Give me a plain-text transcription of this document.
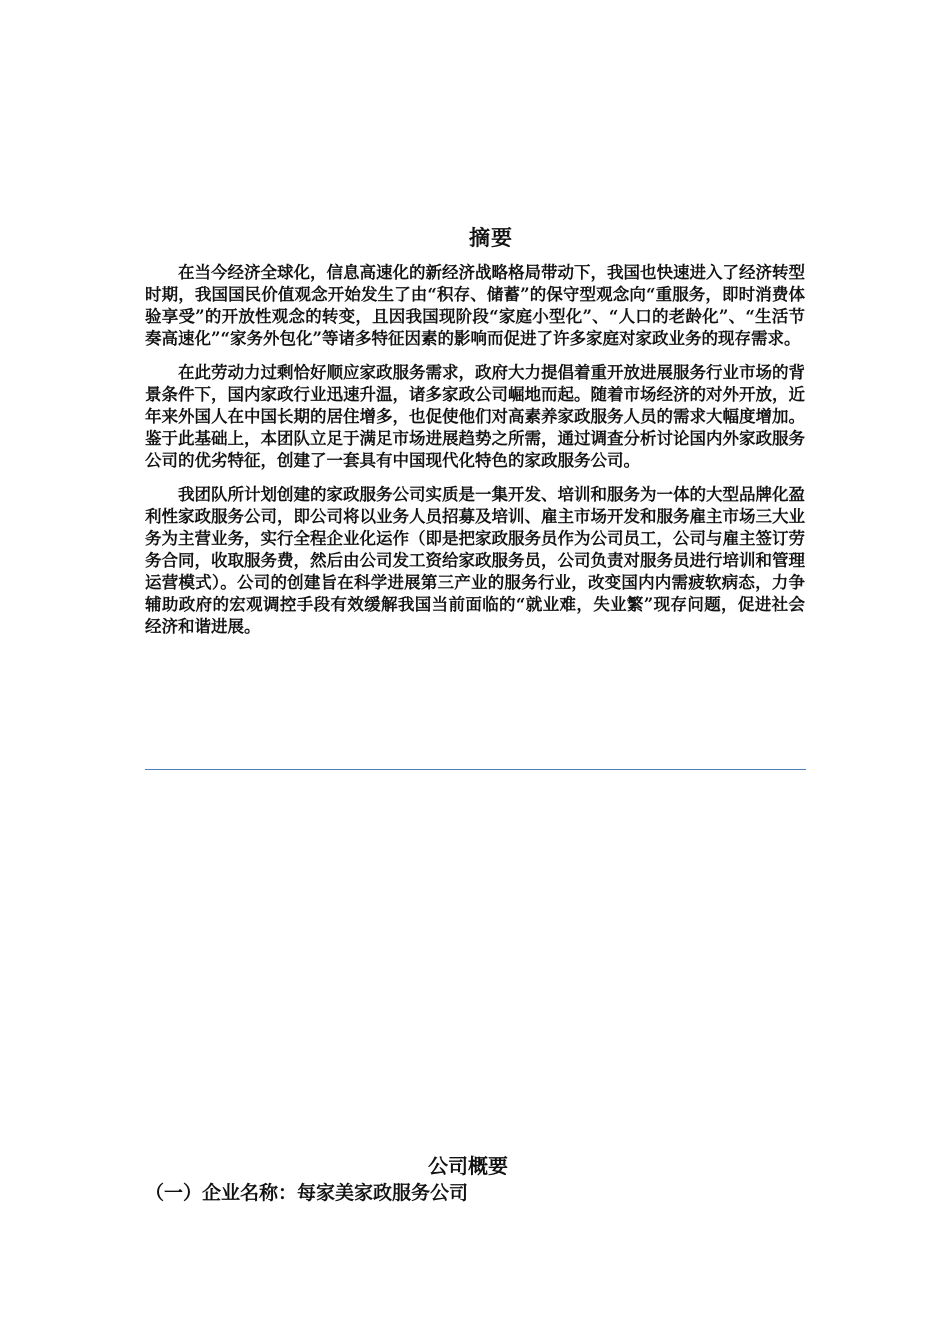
摘要

在当今经济全球化，信息高速化的新经济战略格局带动下，我国也快速进入了经济转型时期，我国国民价值观念开始发生了由“积存、储蓄”的保守型观念向“重服务，即时消费体验享受”的开放性观念的转变，且因我国现阶段“家庭小型化”、“人口的老龄化”、“生活节奏高速化”“家务外包化”等诸多特征因素的影响而促进了许多家庭对家政业务的现存需求。

在此劳动力过剩恰好顺应家政服务需求，政府大力提倡着重开放进展服务行业市场的背景条件下，国内家政行业迅速升温，诸多家政公司崛地而起。随着市场经济的对外开放，近年来外国人在中国长期的居住增多，也促使他们对高素养家政服务人员的需求大幅度增加。鉴于此基础上，本团队立足于满足市场进展趋势之所需，通过调查分析讨论国内外家政服务公司的优劣特征，创建了一套具有中国现代化特色的家政服务公司。

我团队所计划创建的家政服务公司实质是一集开发、培训和服务为一体的大型品牌化盈利性家政服务公司，即公司将以业务人员招募及培训、雇主市场开发和服务雇主市场三大业务为主营业务，实行全程企业化运作（即是把家政服务员作为公司员工，公司与雇主签订劳务合同，收取服务费，然后由公司发工资给家政服务员，公司负责对服务员进行培训和管理运营模式）。公司的创建旨在科学进展第三产业的服务行业，改变国内内需疲软病态，力争辅助政府的宏观调控手段有效缓解我国当前面临的“就业难，失业繁”现存问题，促进社会经济和谐进展。

公司概要
（一）企业名称：每家美家政服务公司
